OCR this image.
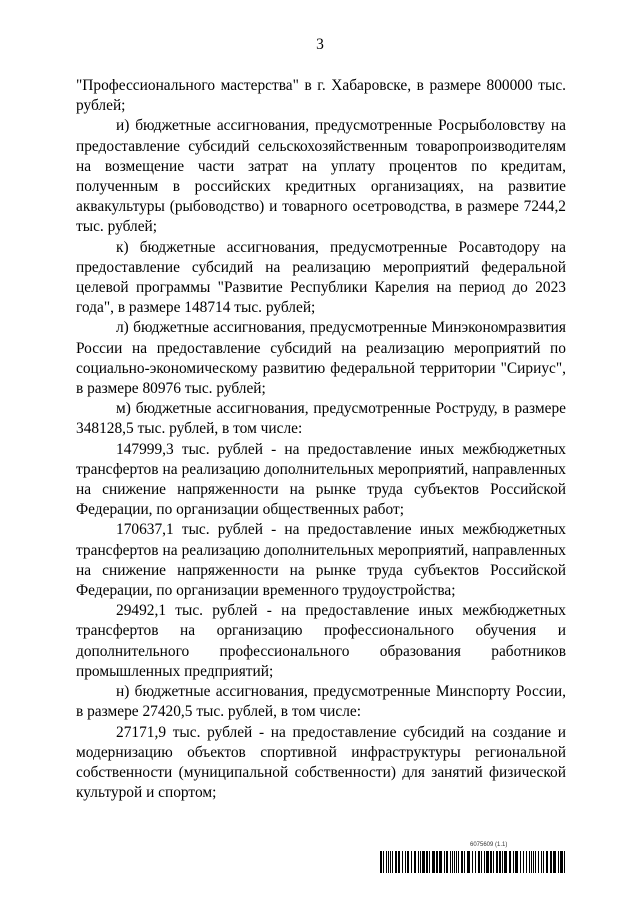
3

"Профессионального мастерства" в г. Хабаровске, в размере 800000 тыс. рублей;

и) бюджетные ассигнования, предусмотренные Росрыболовству на предоставление субсидий сельскохозяйственным товаропроизводителям на возмещение части затрат на уплату процентов по кредитам, полученным в российских кредитных организациях, на развитие аквакультуры (рыбоводство) и товарного осетроводства, в размере 7244,2 тыс. рублей;

к) бюджетные ассигнования, предусмотренные Росавтодору на предоставление субсидий на реализацию мероприятий федеральной целевой программы "Развитие Республики Карелия на период до 2023 года", в размере 148714 тыс. рублей;

л) бюджетные ассигнования, предусмотренные Минэкономразвития России на предоставление субсидий на реализацию мероприятий по социально-экономическому развитию федеральной территории "Сириус", в размере 80976 тыс. рублей;

м) бюджетные ассигнования, предусмотренные Роструду, в размере 348128,5 тыс. рублей, в том числе:

147999,3 тыс. рублей - на предоставление иных межбюджетных трансфертов на реализацию дополнительных мероприятий, направленных на снижение напряженности на рынке труда субъектов Российской Федерации, по организации общественных работ;

170637,1 тыс. рублей - на предоставление иных межбюджетных трансфертов на реализацию дополнительных мероприятий, направленных на снижение напряженности на рынке труда субъектов Российской Федерации, по организации временного трудоустройства;

29492,1 тыс. рублей - на предоставление иных межбюджетных трансфертов на организацию профессионального обучения и дополнительного профессионального образования работников промышленных предприятий;

н) бюджетные ассигнования, предусмотренные Минспорту России, в размере 27420,5 тыс. рублей, в том числе:

27171,9 тыс. рублей - на предоставление субсидий на создание и модернизацию объектов спортивной инфраструктуры региональной собственности (муниципальной собственности) для занятий физической культурой и спортом;

6075609 (1.1)
